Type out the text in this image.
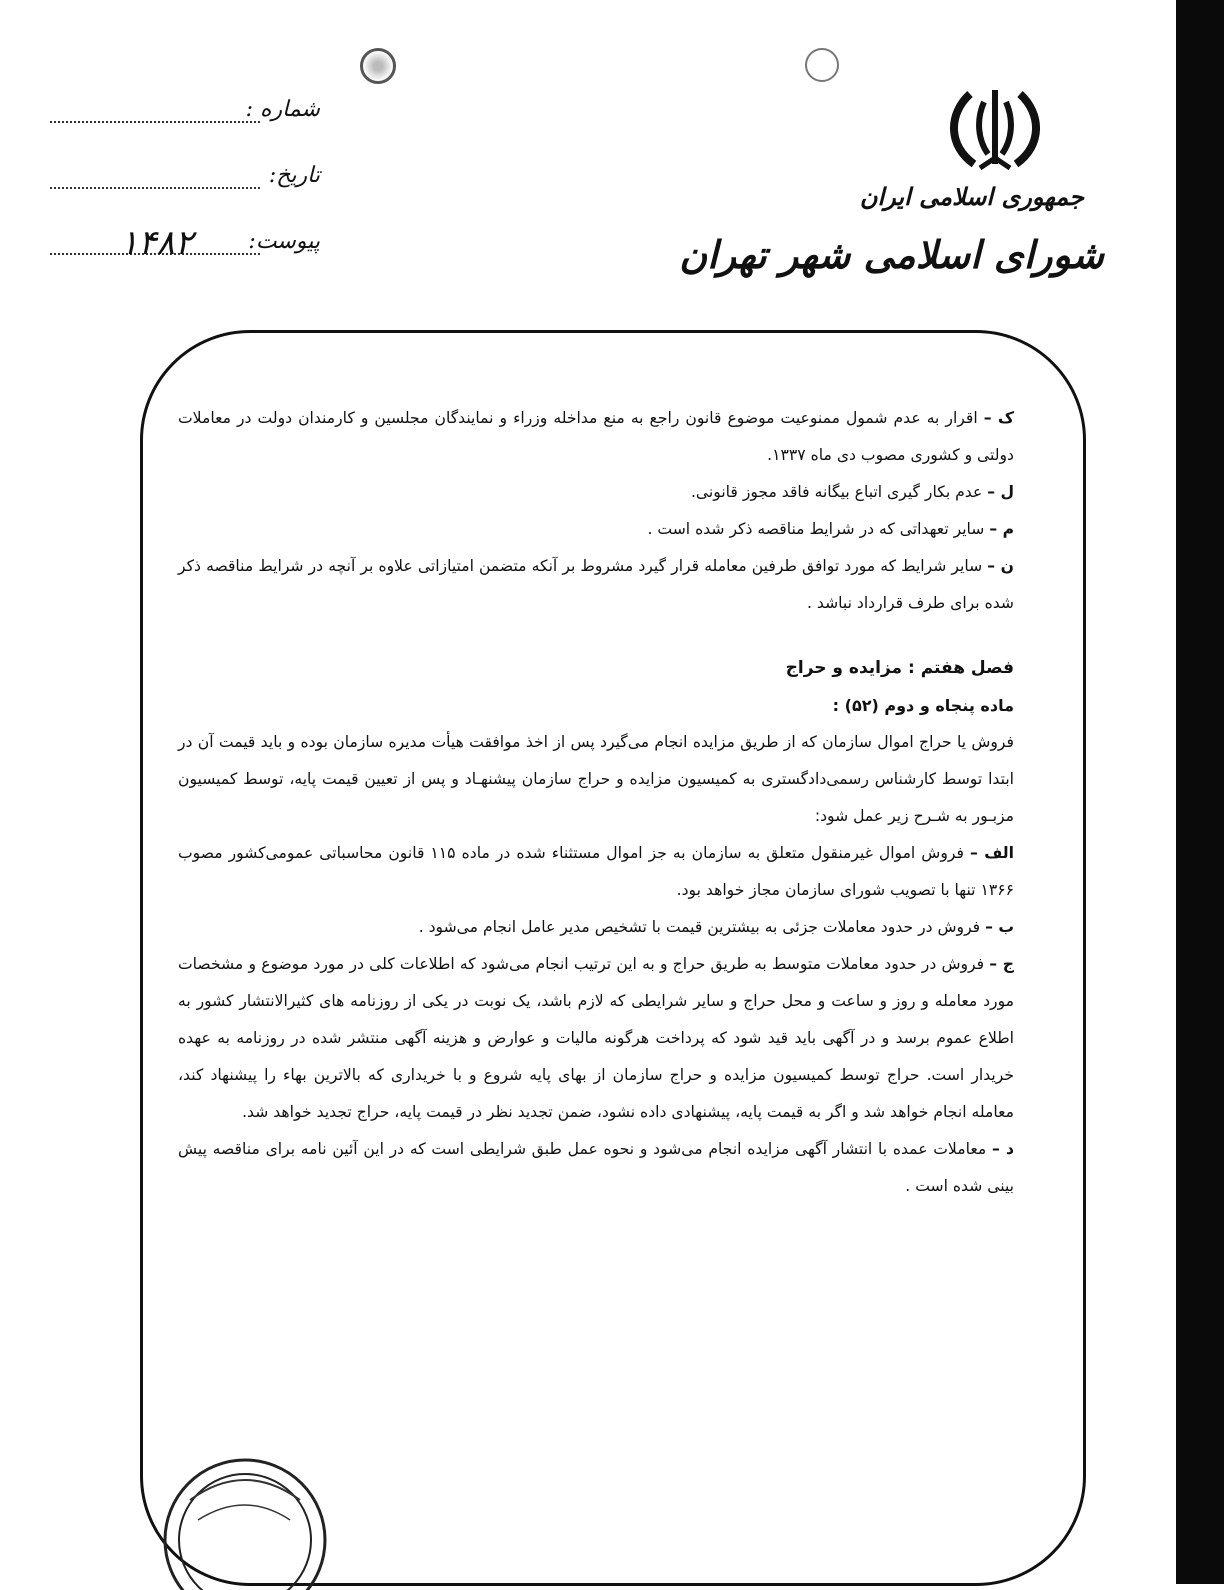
شماره :
تاریخ:
پیوست:
۱۴۸۲
جمهوری اسلامی ایران
شورای اسلامی شهر تهران

ک – اقرار به عدم شمول ممنوعیت موضوع قانون راجع به منع مداخله وزراء و نمایندگان مجلسین و کارمندان دولت در معاملات دولتی و کشوری مصوب دی ماه ۱۳۳۷.

ل – عدم بکار گیری اتباع بیگانه فاقد مجوز قانونی.

م – سایر تعهداتی که در شرایط مناقصه ذکر شده است .

ن – سایر شرایط که مورد توافق طرفین معامله قرار گیرد مشروط بر آنکه متضمن امتیازاتی علاوه بر آنچه در شرایط مناقصه ذکر شده برای طرف قرارداد نباشد .

فصل هفتم : مزایده و حراج

ماده پنجاه و دوم (۵۲) :

فروش یا حراج اموال سازمان که از طریق مزایده انجام می‌گیرد پس از اخذ موافقت هیأت مدیره سازمان بوده و باید قیمت آن در ابتدا توسط کارشناس رسمی‌دادگستری به کمیسیون مزایده و حراج سازمان پیشنهـاد و پس از تعیین قیمت پایه، توسط کمیسیون مزبـور به شـرح زیر عمل شود:

الف – فروش اموال غیرمنقول متعلق به سازمان به جز اموال مستثناء شده در ماده ۱۱۵ قانون محاسباتی عمومی‌کشور مصوب ۱۳۶۶ تنها با تصویب شورای سازمان مجاز خواهد بود.

ب – فروش در حدود معاملات جزئی به بیشترین قیمت با تشخیص مدیر عامل انجام می‌شود .

ج – فروش در حدود معاملات متوسط به طریق حراج و به این ترتیب انجام می‌شود که اطلاعات کلی در مورد موضوع و مشخصات مورد معامله و روز و ساعت و محل حراج و سایر شرایطی که لازم باشد، یک نوبت در یکی از روزنامه های کثیرالانتشار کشور به اطلاع عموم برسد و در آگهی باید قید شود که پرداخت هرگونه مالیات و عوارض و هزینه آگهی منتشر شده در روزنامه به عهده خریدار است. حراج توسط کمیسیون مزایده و حراج سازمان از بهای پایه شروع و با خریداری که بالاترین بهاء را پیشنهاد کند، معامله انجام خواهد شد و اگر به قیمت پایه، پیشنهادی داده نشود، ضمن تجدید نظر در قیمت پایه، حراج تجدید خواهد شد.

د – معاملات عمده با انتشار آگهی مزایده انجام می‌شود و نحوه عمل طبق شرایطی است که در این آئین نامه برای مناقصه پیش بینی شده است .
